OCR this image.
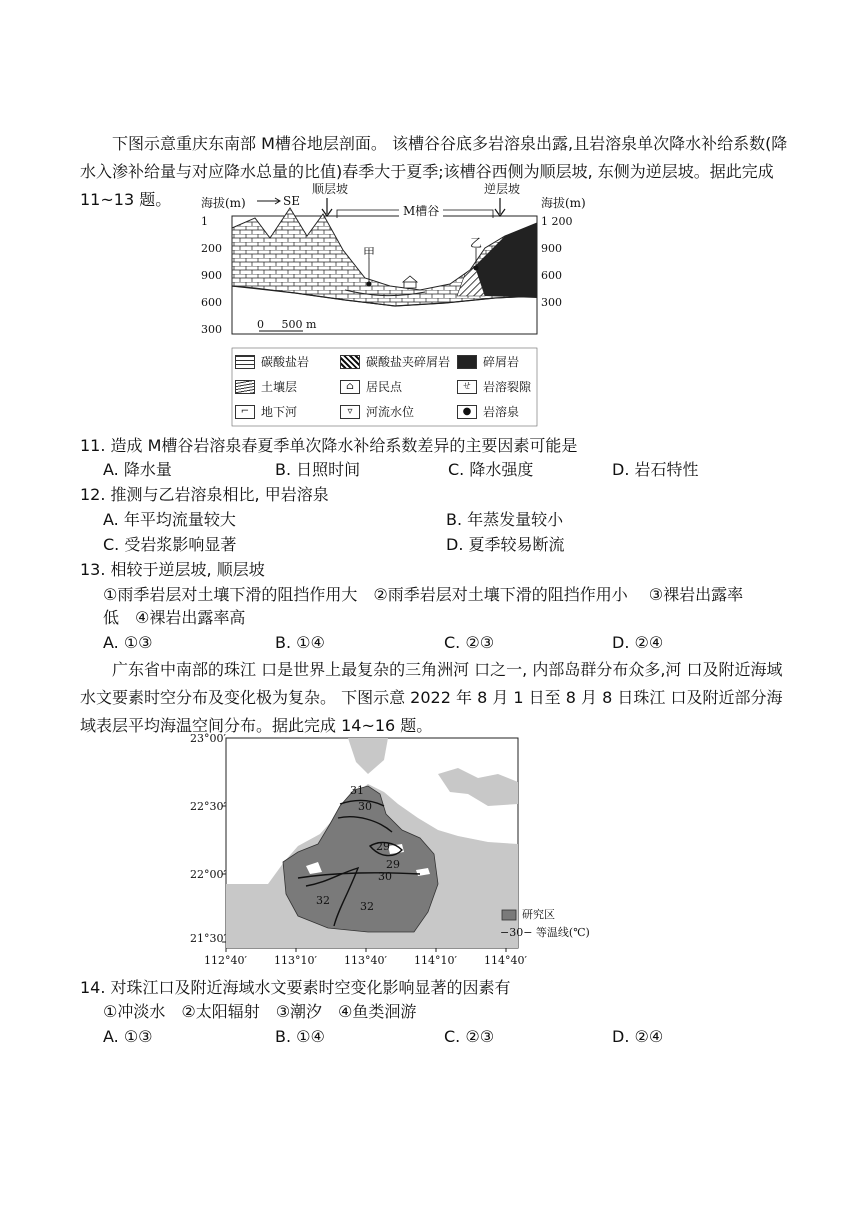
下图示意重庆东南部 M槽谷地层剖面。 该槽谷谷底多岩溶泉出露,且岩溶泉单次降水补给系数(降水入渗补给量与对应降水总量的比值)春季大于夏季;该槽谷西侧为顺层坡, 东侧为逆层坡。据此完成 11~13 题。	海拔(m)	海拔(m)
SE
顺层坡	逆层坡
M槽谷
甲
乙
1 200
900
600
300
1 200
900
600
300
0     500 m
碳酸盐岩	碳酸盐夹碎屑岩	碎屑岩
土壤层	⌂	居民点	ㄝ 岩溶裂隙
⌐ 地下河	▿	河流水位	● 岩溶泉
11. 造成 M槽谷岩溶泉春夏季单次降水补给系数差异的主要因素可能是
A. 降水量	B. 日照时间	C. 降水强度	D. 岩石特性
12. 推测与乙岩溶泉相比, 甲岩溶泉
A. 年平均流量较大	B. 年蒸发量较小
C. 受岩浆影响显著	D. 夏季较易断流
13. 相较于逆层坡, 顺层坡
①雨季岩层对土壤下滑的阻挡作用大　②雨季岩层对土壤下滑的阻挡作用小　 ③裸岩出露率
低　④裸岩出露率高
A. ①③	B. ①④	C. ②③	D. ②④

广东省中南部的珠江 口是世界上最复杂的三角洲河 口之一, 内部岛群分布众多,河 口及附近海域水文要素时空分布及变化极为复杂。 下图示意 2022 年 8 月 1 日至 8 月 8 日珠江 口及附近部分海域表层平均海温空间分布。据此完成 14~16 题。

23°00′
22°30′
22°00′
21°30′
112°40′ 113°10′ 113°40′ 114°10′ 114°40′
31
30
29
29
30
32	32
研究区
−30− 等温线(℃)
14. 对珠江口及附近海域水文要素时空变化影响显著的因素有
①冲淡水　②太阳辐射　③潮汐　④鱼类洄游
A. ①③	B. ①④	C. ②③	D. ②④
